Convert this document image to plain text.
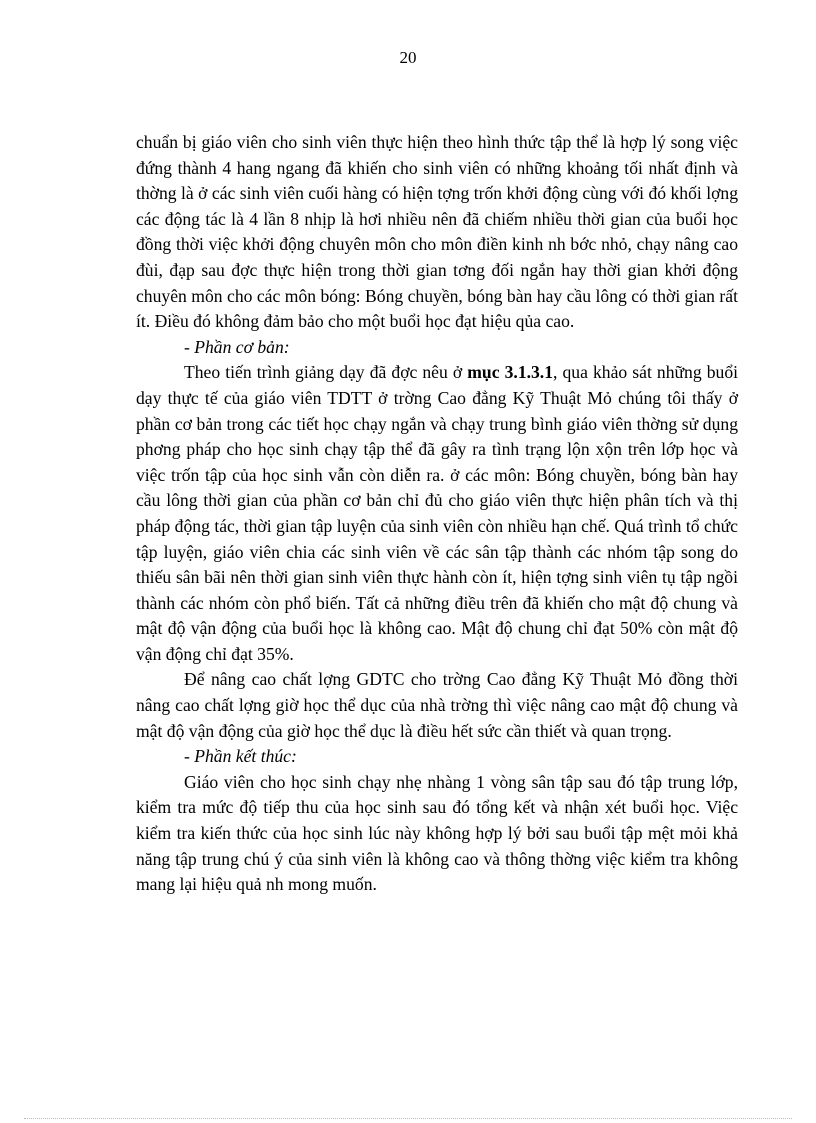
20

chuẩn bị giáo viên cho sinh viên thực hiện theo hình thức tập thể là hợp lý song việc đứng thành 4 hang ngang đã khiến cho sinh viên có những khoảng tối nhất định và thờng là ở các sinh viên cuối hàng có hiện tợng trốn khởi động cùng với đó khối lợng các động tác là 4 lần 8 nhịp là hơi nhiều nên đã chiếm nhiều thời gian của buổi học đồng thời việc khởi động chuyên môn cho môn điền kinh nh bớc nhỏ, chạy nâng cao đùi, đạp sau đợc thực hiện trong thời gian tơng đối ngắn hay thời gian khởi động chuyên môn cho các môn bóng: Bóng chuyền, bóng bàn hay cầu lông có thời gian rất ít. Điều đó không đảm bảo cho một buổi học đạt hiệu qủa cao.

- Phần cơ bản:

Theo tiến trình giảng dạy đã đợc nêu ở mục 3.1.3.1, qua khảo sát những buổi dạy thực tế của giáo viên TDTT ở trờng Cao đẳng Kỹ Thuật Mỏ chúng tôi thấy ở phần cơ bản trong các tiết học chạy ngắn và chạy trung bình giáo viên thờng sử dụng phơng pháp cho học sinh chạy tập thể đã gây ra tình trạng lộn xộn trên lớp học và việc trốn tập của học sinh vẫn còn diễn ra. ở các môn: Bóng chuyền, bóng bàn hay cầu lông thời gian của phần cơ bản chỉ đủ cho giáo viên thực hiện phân tích và thị pháp động tác, thời gian tập luyện của sinh viên còn nhiều hạn chế. Quá trình tổ chức tập luyện, giáo viên chia các sinh viên về các sân tập thành các nhóm tập song do thiếu sân bãi nên thời gian sinh viên thực hành còn ít, hiện tợng sinh viên tụ tập ngồi thành các nhóm còn phổ biến. Tất cả những điều trên đã khiến cho mật độ chung và mật độ vận động của buổi học là không cao. Mật độ chung chỉ đạt 50% còn mật độ vận động chỉ đạt 35%.

Để nâng cao chất lợng GDTC cho trờng Cao đẳng Kỹ Thuật Mỏ đồng thời nâng cao chất lợng giờ học thể dục của nhà trờng thì việc nâng cao mật độ chung và mật độ vận động của giờ học thể dục là điều hết sức cần thiết và quan trọng.

- Phần kết thúc:

Giáo viên cho học sinh chạy nhẹ nhàng 1 vòng sân tập sau đó tập trung lớp, kiểm tra mức độ tiếp thu của học sinh sau đó tổng kết và nhận xét buổi học. Việc kiểm tra kiến thức của học sinh lúc này không hợp lý bởi sau buổi tập mệt mỏi khả năng tập trung chú ý của sinh viên là không cao và thông thờng việc kiểm tra không mang lại hiệu quả nh mong muốn.
